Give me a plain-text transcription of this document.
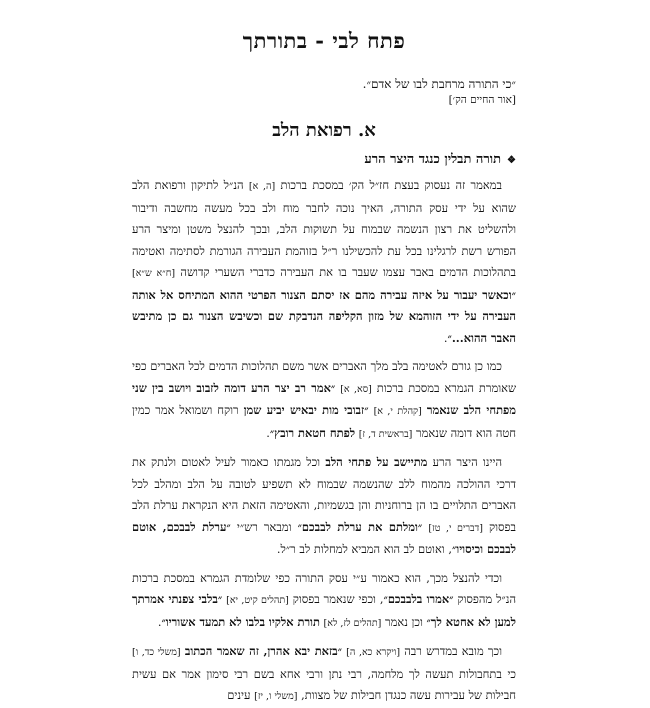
פתח לבי - בתורתך

״כי התורה מרחבת לבו של אדם״.

[אור החיים הק׳]

א. רפואת הלב
❖תורה תבלין כנגד היצר הרע

במאמר זה נעסוק בעצת חז״ל הק׳ במסכת ברכות [ה, א] הנ״ל לתיקון ורפואת הלב שהוא על ידי עסק התורה, האיך נוכה לחבר מוח ולב בכל מעשה מחשבה ודיבור ולהשליט את רצון הנשמה שבמוח על תשוקות הלב, ובכך להנצל משטן ומיצר הרע הפורש רשת לרגלינו בכל עת להכשילנו ר״ל בזוהמת העבירה הגורמת לסתימה ואטימה בתהלוכות הדמים באבר עצמו שעבר בו את העבירה כדברי השערי קדושה [ח״א ש״א] ״וכאשר יעבור על איזה עבירה מהם אז יסתם הצנור הפרטי ההוא המתיחס אל אותה העבירה על ידי הזוהמא של מזון הקליפה הנדבקת שם וכשיבש הצנור גם כן מתיבש האבר ההוא...״.

כמו כן גורם לאטימה בלב מלך האברים אשר משם תהלוכות הדמים לכל האברים כפי שאומרת הגמרא במסכת ברכות [סא, א] ״אמר רב יצר הרע דומה לזבוב ויושב בין שני מפתחי הלב שנאמר [קהלת י, א] ״זבובי מות יבאיש יביע שמן רוקח ושמואל אמר כמין חטה הוא דומה שנאמר [בראשית ד, ז] לפתח חטאת רובץ״.

היינו היצר הרע מתיישב על פתחי הלב וכל מגמתו כאמור לעיל לאטום ולנתק את דרכי ההולכה מהמוח ללב שהנשמה שבמוח לא תשפיע לטובה על הלב ומהלב לכל האברים התלויים בו הן ברוחניות והן בגשמיות, והאטימה הזאת היא הנקראת ערלת הלב בפסוק [דברים י, טז] ״ומלתם את ערלת לבבכם״ ומבאר רש״י ״ערלת לבבכם, אוטם לבבכם וכיסויו״, ואוטם לב הוא המביא למחלות לב ר״ל.

וכדי להנצל מכך, הוא כאמור ע״י עסק התורה כפי שלומדת הגמרא במסכת ברכות הנ״ל מהפסוק ״אמרו בלבבכם״, וכפי שנאמר בפסוק [תהלים קיט, יא] ״בלבי צפנתי אמרתך למען לא אחטא לך״ וכן נאמר [תהלים לז, לא] תורת אלקיו בלבו לא תמעד אשוריו״.

וכך מובא במדרש רבה [ויקרא כא, ה] ״בזאת יבא אהרן, זה שאמר הכתוב [משלי כד, ו] כי בתחבולות תעשה לך מלחמה, רבי נתן ורבי אחא בשם רבי סימון אמר אם עשית חבילות של עבירות עשה כנגדן חבילות של מצוות, [משלי ו, יז] עינים
